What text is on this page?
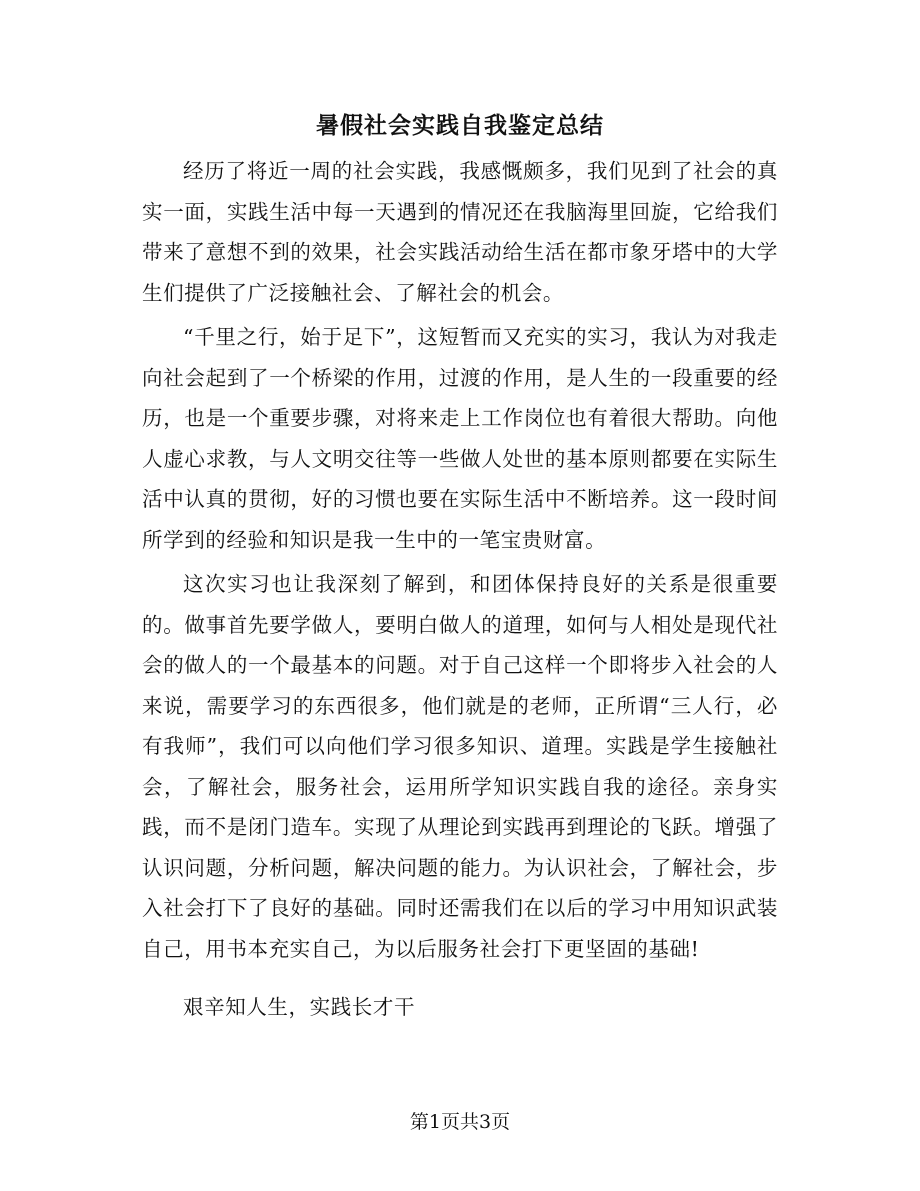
暑假社会实践自我鉴定总结

经历了将近一周的社会实践，我感慨颇多，我们见到了社会的真实一面，实践生活中每一天遇到的情况还在我脑海里回旋，它给我们带来了意想不到的效果，社会实践活动给生活在都市象牙塔中的大学生们提供了广泛接触社会、了解社会的机会。

“千里之行，始于足下”，这短暂而又充实的实习，我认为对我走向社会起到了一个桥梁的作用，过渡的作用，是人生的一段重要的经历，也是一个重要步骤，对将来走上工作岗位也有着很大帮助。向他人虚心求教，与人文明交往等一些做人处世的基本原则都要在实际生活中认真的贯彻，好的习惯也要在实际生活中不断培养。这一段时间所学到的经验和知识是我一生中的一笔宝贵财富。

这次实习也让我深刻了解到，和团体保持良好的关系是很重要的。做事首先要学做人，要明白做人的道理，如何与人相处是现代社会的做人的一个最基本的问题。对于自己这样一个即将步入社会的人来说，需要学习的东西很多，他们就是的老师，正所谓“三人行，必有我师”，我们可以向他们学习很多知识、道理。实践是学生接触社会，了解社会，服务社会，运用所学知识实践自我的途径。亲身实践，而不是闭门造车。实现了从理论到实践再到理论的飞跃。增强了认识问题，分析问题，解决问题的能力。为认识社会，了解社会，步入社会打下了良好的基础。同时还需我们在以后的学习中用知识武装自己，用书本充实自己，为以后服务社会打下更坚固的基础!

艰辛知人生，实践长才干

第1页共3页
